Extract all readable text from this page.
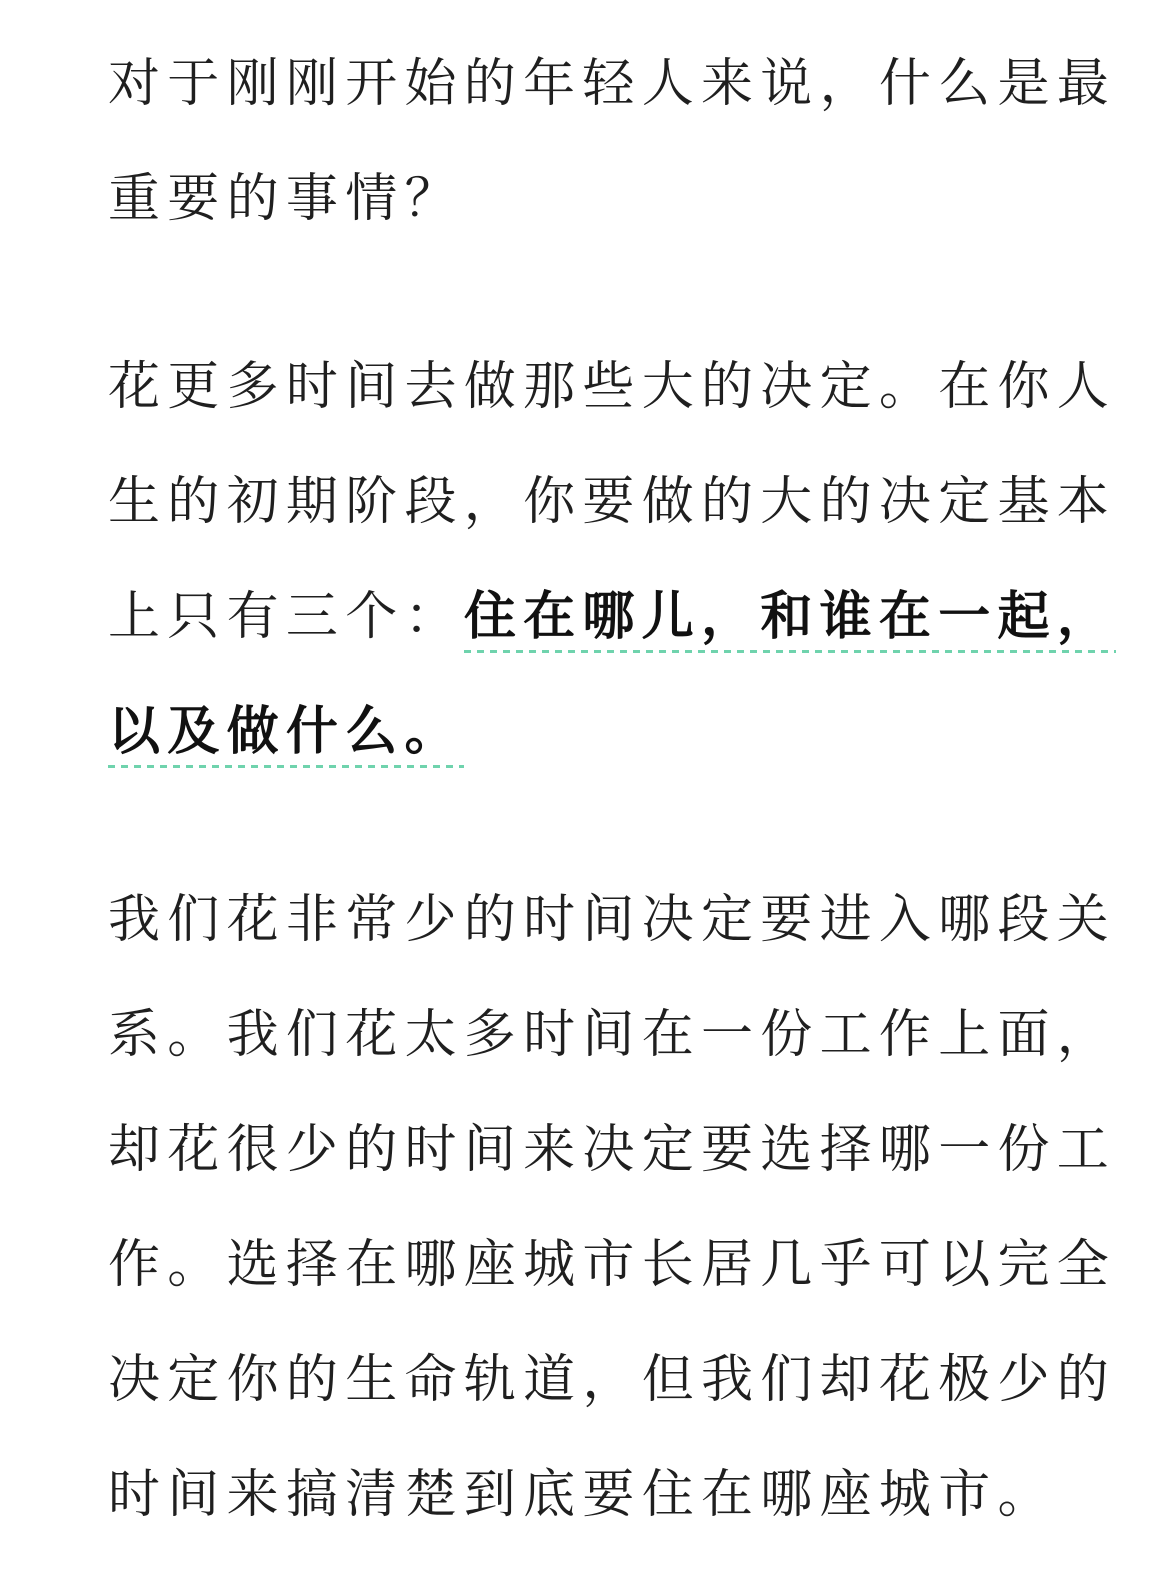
对于刚刚开始的年轻人来说，什么是最
重要的事情？

花更多时间去做那些大的决定。在你人
生的初期阶段，你要做的大的决定基本
上只有三个：住在哪儿，和谁在一起，
以及做什么。

我们花非常少的时间决定要进入哪段关
系。我们花太多时间在一份工作上面，
却花很少的时间来决定要选择哪一份工
作。选择在哪座城市长居几乎可以完全
决定你的生命轨道，但我们却花极少的
时间来搞清楚到底要住在哪座城市。
